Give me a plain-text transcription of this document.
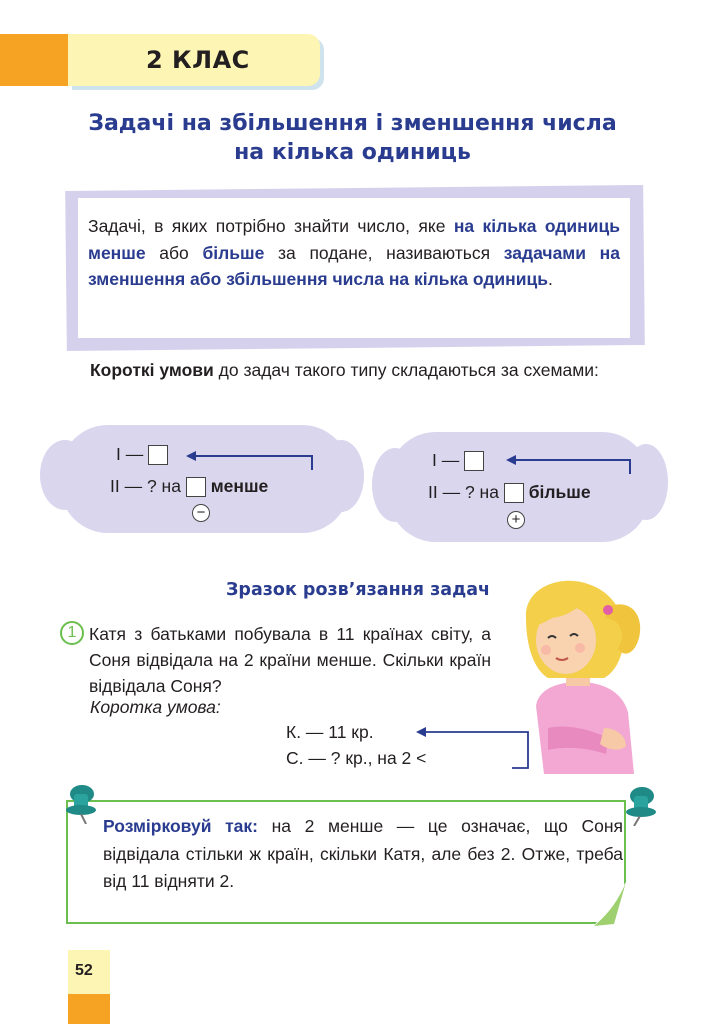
2 КЛАС
Задачі на збільшення і зменшення числа
на кілька одиниць
Задачі, в яких потрібно знайти число, яке на кілька одиниць менше або більше за подане, називаються задачами на зменшення або збільшення числа на кілька одиниць.
Короткі умови до задач такого типу складаються за схемами:
I —
II — ? на менше
−
I —
II — ? на більше
+
Зразок розв’язання задач
1 Катя з батьками побувала в 11 країнах світу, а Соня відвідала на 2 країни менше. Скільки країн відвідала Соня?
Коротка умова:
К. — 11 кр.
С. — ? кр., на 2 <
Розмірковуй так: на 2 менше — це означає, що Соня відвідала стільки ж країн, скільки Катя, але без 2. Отже, треба від 11 відняти 2.
52
